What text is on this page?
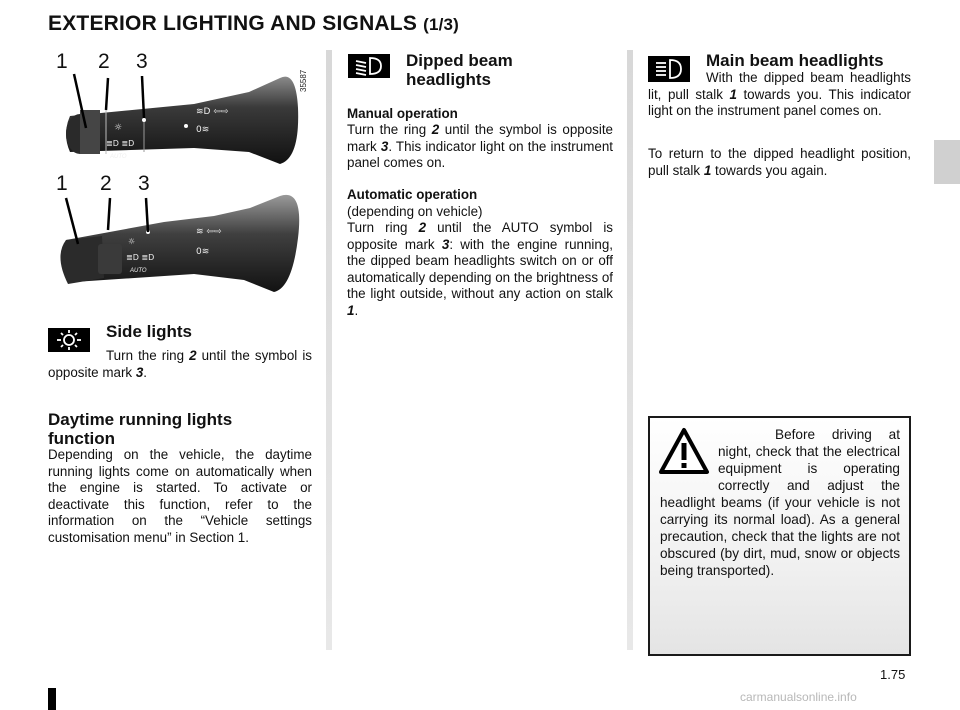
EXTERIOR LIGHTING AND SIGNALS (1/3)
☼
≣D ≣D
AUTO
≋D ⇦⇨
0≋
35587
☼
≣D ≣D
AUTO
≋ ⇦⇨
0≋
1 2 3
1 2 3
Side lights
Turn the ring 2 until the symbol is opposite mark 3.
Daytime running lights function
Depending on the vehicle, the daytime running lights come on automatically when the engine is started. To activate or deactivate this function, refer to the information on the “Vehicle settings customisation menu” in Section 1.
Dipped beam headlights
Manual operation
Turn the ring 2 until the symbol is opposite mark 3. This indicator light on the instrument panel comes on.
Automatic operation
(depending on vehicle)
Turn ring 2 until the AUTO symbol is opposite mark 3: with the engine running, the dipped beam headlights switch on or off automatically depending on the brightness of the light outside, without any action on stalk 1.
Main beam headlights
With the dipped beam headlights lit, pull stalk 1 towards you. This indicator light on the instrument panel comes on.
To return to the dipped headlight position, pull stalk 1 towards you again.
Before driving at night, check that the electrical equipment is operating correctly and adjust the headlight beams (if your vehicle is not carrying its normal load). As a general precaution, check that the lights are not obscured (by dirt, mud, snow or objects being transported).
1.75
carmanualsonline.info
